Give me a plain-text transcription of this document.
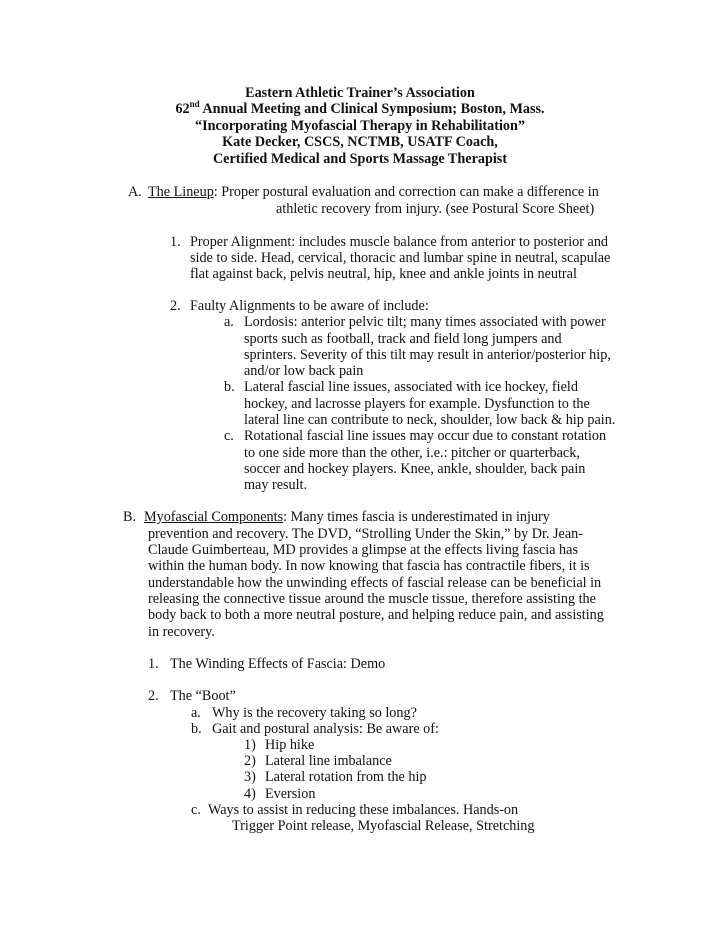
Eastern Athletic Trainer’s Association
62nd Annual Meeting and Clinical Symposium; Boston, Mass.
“Incorporating Myofascial Therapy in Rehabilitation”
Kate Decker, CSCS, NCTMB, USATF Coach,
Certified Medical and Sports Massage Therapist
A. The Lineup: Proper postural evaluation and correction can make a difference in
athletic recovery from injury. (see Postural Score Sheet)
1. Proper Alignment: includes muscle balance from anterior to posterior and
side to side. Head, cervical, thoracic and lumbar spine in neutral, scapulae
flat against back, pelvis neutral, hip, knee and ankle joints in neutral
2. Faulty Alignments to be aware of include:
a. Lordosis: anterior pelvic tilt; many times associated with power
sports such as football, track and field long jumpers and
sprinters. Severity of this tilt may result in anterior/posterior hip,
and/or low back pain
b. Lateral fascial line issues, associated with ice hockey, field
hockey, and lacrosse players for example. Dysfunction to the
lateral line can contribute to neck, shoulder, low back & hip pain.
c. Rotational fascial line issues may occur due to constant rotation
to one side more than the other, i.e.: pitcher or quarterback,
soccer and hockey players. Knee, ankle, shoulder, back pain
may result.
B. Myofascial Components: Many times fascia is underestimated in injury
prevention and recovery. The DVD, “Strolling Under the Skin,” by Dr. Jean-
Claude Guimberteau, MD provides a glimpse at the effects living fascia has
within the human body. In now knowing that fascia has contractile fibers, it is
understandable how the unwinding effects of fascial release can be beneficial in
releasing the connective tissue around the muscle tissue, therefore assisting the
body back to both a more neutral posture, and helping reduce pain, and assisting
in recovery.
1. The Winding Effects of Fascia: Demo
2. The “Boot”
a. Why is the recovery taking so long?
b. Gait and postural analysis: Be aware of:
1) Hip hike
2) Lateral line imbalance
3) Lateral rotation from the hip
4) Eversion
c. Ways to assist in reducing these imbalances. Hands-on
Trigger Point release, Myofascial Release, Stretching
